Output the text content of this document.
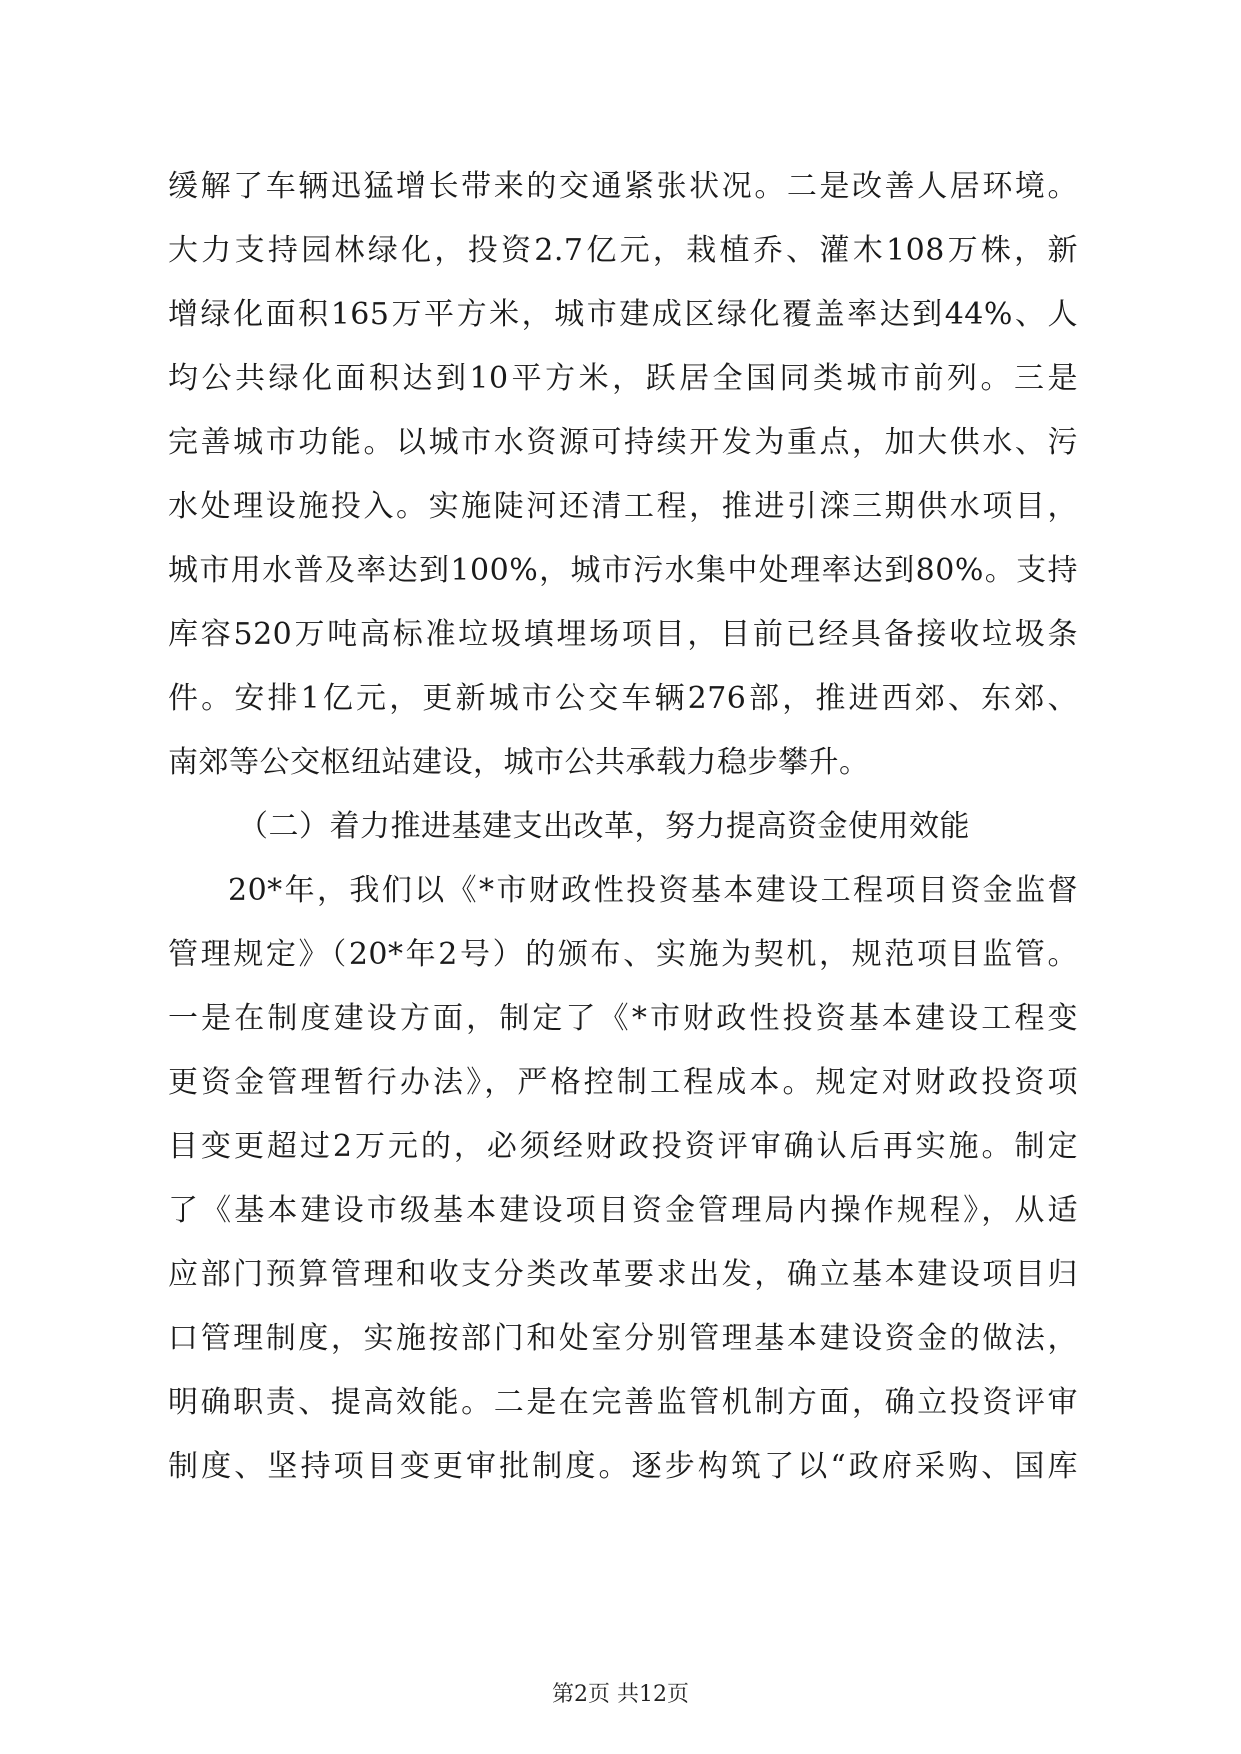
缓解了车辆迅猛增长带来的交通紧张状况。二是改善人居环境。
大力支持园林绿化，投资2.7亿元，栽植乔、灌木108万株，新
增绿化面积165万平方米，城市建成区绿化覆盖率达到44%、人
均公共绿化面积达到10平方米，跃居全国同类城市前列。三是
完善城市功能。以城市水资源可持续开发为重点，加大供水、污
水处理设施投入。实施陡河还清工程，推进引滦三期供水项目，
城市用水普及率达到100%，城市污水集中处理率达到80%。支持
库容520万吨高标准垃圾填埋场项目，目前已经具备接收垃圾条
件。安排1亿元，更新城市公交车辆276部，推进西郊、东郊、
南郊等公交枢纽站建设，城市公共承载力稳步攀升。
（二）着力推进基建支出改革，努力提高资金使用效能
20*年，我们以《*市财政性投资基本建设工程项目资金监督
管理规定》（20*年2号）的颁布、实施为契机，规范项目监管。
一是在制度建设方面，制定了《*市财政性投资基本建设工程变
更资金管理暂行办法》，严格控制工程成本。规定对财政投资项
目变更超过2万元的，必须经财政投资评审确认后再实施。制定
了《基本建设市级基本建设项目资金管理局内操作规程》，从适
应部门预算管理和收支分类改革要求出发，确立基本建设项目归
口管理制度，实施按部门和处室分别管理基本建设资金的做法，
明确职责、提高效能。二是在完善监管机制方面，确立投资评审
制度、坚持项目变更审批制度。逐步构筑了以“政府采购、国库
第2页 共12页
